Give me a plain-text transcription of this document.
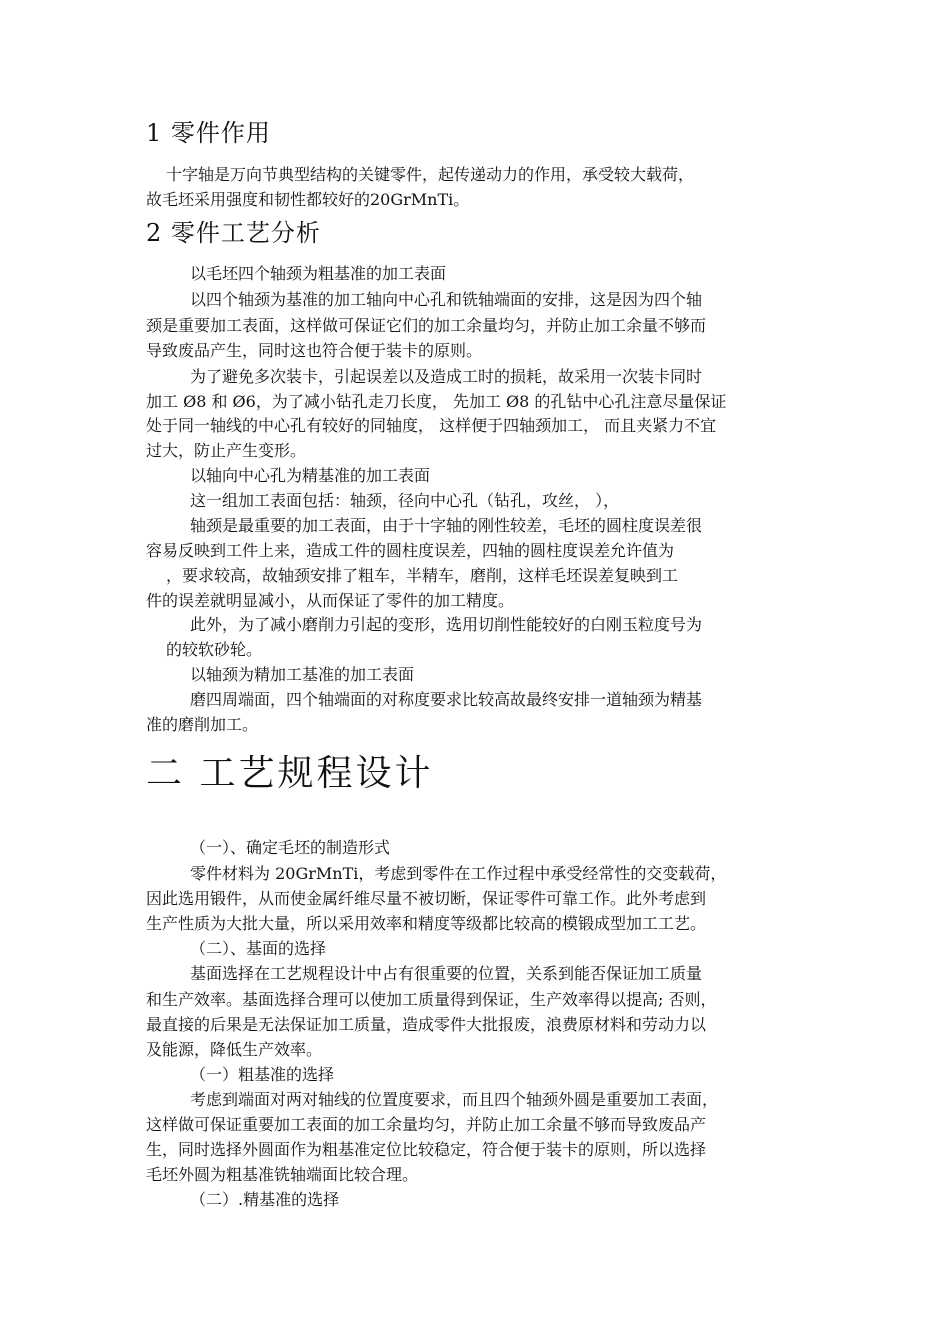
1 零件作用
十字轴是万向节典型结构的关键零件，起传递动力的作用，承受较大载荷，
故毛坯采用强度和韧性都较好的20GrMnTi。
2 零件工艺分析
以毛坯四个轴颈为粗基准的加工表面
以四个轴颈为基准的加工轴向中心孔和铣轴端面的安排，这是因为四个轴
颈是重要加工表面，这样做可保证它们的加工余量均匀，并防止加工余量不够而
导致废品产生，同时这也符合便于装卡的原则。
为了避免多次装卡，引起误差以及造成工时的损耗，故采用一次装卡同时
加工 Ø8 和 Ø6，为了减小钻孔走刀长度， 先加工 Ø8 的孔钻中心孔注意尽量保证
处于同一轴线的中心孔有较好的同轴度， 这样便于四轴颈加工， 而且夹紧力不宜
过大，防止产生变形。
以轴向中心孔为精基准的加工表面
这一组加工表面包括：轴颈，径向中心孔（钻孔，攻丝， ），
轴颈是最重要的加工表面，由于十字轴的刚性较差，毛坯的圆柱度误差很
容易反映到工件上来，造成工件的圆柱度误差，四轴的圆柱度误差允许值为
，要求较高，故轴颈安排了粗车，半精车，磨削，这样毛坯误差复映到工
件的误差就明显减小，从而保证了零件的加工精度。
此外，为了减小磨削力引起的变形，选用切削性能较好的白刚玉粒度号为
的较软砂轮。
以轴颈为精加工基准的加工表面
磨四周端面，四个轴端面的对称度要求比较高故最终安排一道轴颈为精基
准的磨削加工。
二 工艺规程设计
（一）、确定毛坯的制造形式
零件材料为 20GrMnTi，考虑到零件在工作过程中承受经常性的交变载荷，
因此选用锻件，从而使金属纤维尽量不被切断，保证零件可靠工作。此外考虑到
生产性质为大批大量，所以采用效率和精度等级都比较高的模锻成型加工工艺。
（二）、基面的选择
基面选择在工艺规程设计中占有很重要的位置，关系到能否保证加工质量
和生产效率。基面选择合理可以使加工质量得到保证，生产效率得以提高; 否则，
最直接的后果是无法保证加工质量，造成零件大批报废，浪费原材料和劳动力以
及能源，降低生产效率。
（一）粗基准的选择
考虑到端面对两对轴线的位置度要求，而且四个轴颈外圆是重要加工表面，
这样做可保证重要加工表面的加工余量均匀，并防止加工余量不够而导致废品产
生，同时选择外圆面作为粗基准定位比较稳定，符合便于装卡的原则，所以选择
毛坯外圆为粗基准铣轴端面比较合理。
（二）.精基准的选择
